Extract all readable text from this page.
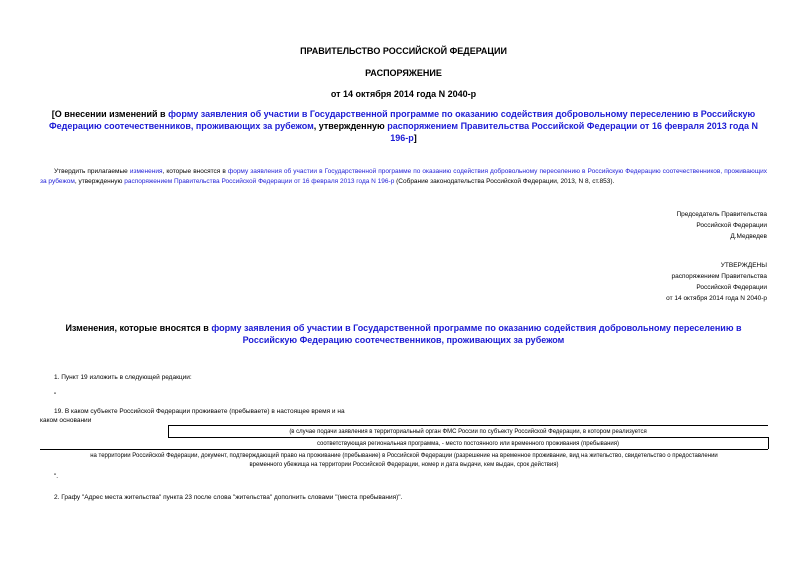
ПРАВИТЕЛЬСТВО РОССИЙСКОЙ ФЕДЕРАЦИИ
РАСПОРЯЖЕНИЕ
от 14 октября 2014 года N 2040-р
[О внесении изменений в форму заявления об участии в Государственной программе по оказанию содействия добровольному переселению в Российскую Федерацию соотечественников, проживающих за рубежом, утвержденную распоряжением Правительства Российской Федерации от 16 февраля 2013 года N 196-р]
Утвердить прилагаемые изменения, которые вносятся в форму заявления об участии в Государственной программе по оказанию содействия добровольному переселению в Российскую Федерацию соотечественников, проживающих за рубежом, утвержденную распоряжением Правительства Российской Федерации от 16 февраля 2013 года N 196-р (Собрание законодательства Российской Федерации, 2013, N 8, ст.853).
Председатель Правительства
Российской Федерации
Д.Медведев
УТВЕРЖДЕНЫ
распоряжением Правительства
Российской Федерации
от 14 октября 2014 года N 2040-р
Изменения, которые вносятся в форму заявления об участии в Государственной программе по оказанию содействия добровольному переселению в Российскую Федерацию соотечественников, проживающих за рубежом
1. Пункт 19 изложить в следующей редакции:
"
19. В каком субъекте Российской Федерации проживаете (пребываете) в настоящее время и на
каком основании
(в случае подачи заявления в территориальный орган ФМС России по субъекту Российской Федерации, в котором реализуется
соответствующая региональная программа, - место постоянного или временного проживания (пребывания)
на территории Российской Федерации, документ, подтверждающий право на проживание (пребывание) в Российской Федерации (разрешение на временное проживание, вид на жительство, свидетельство о предоставлении
временного убежища на территории Российской Федерации, номер и дата выдачи, кем выдан, срок действия)
".
2. Графу "Адрес места жительства" пункта 23 после слова "жительства" дополнить словами "(места пребывания)".
